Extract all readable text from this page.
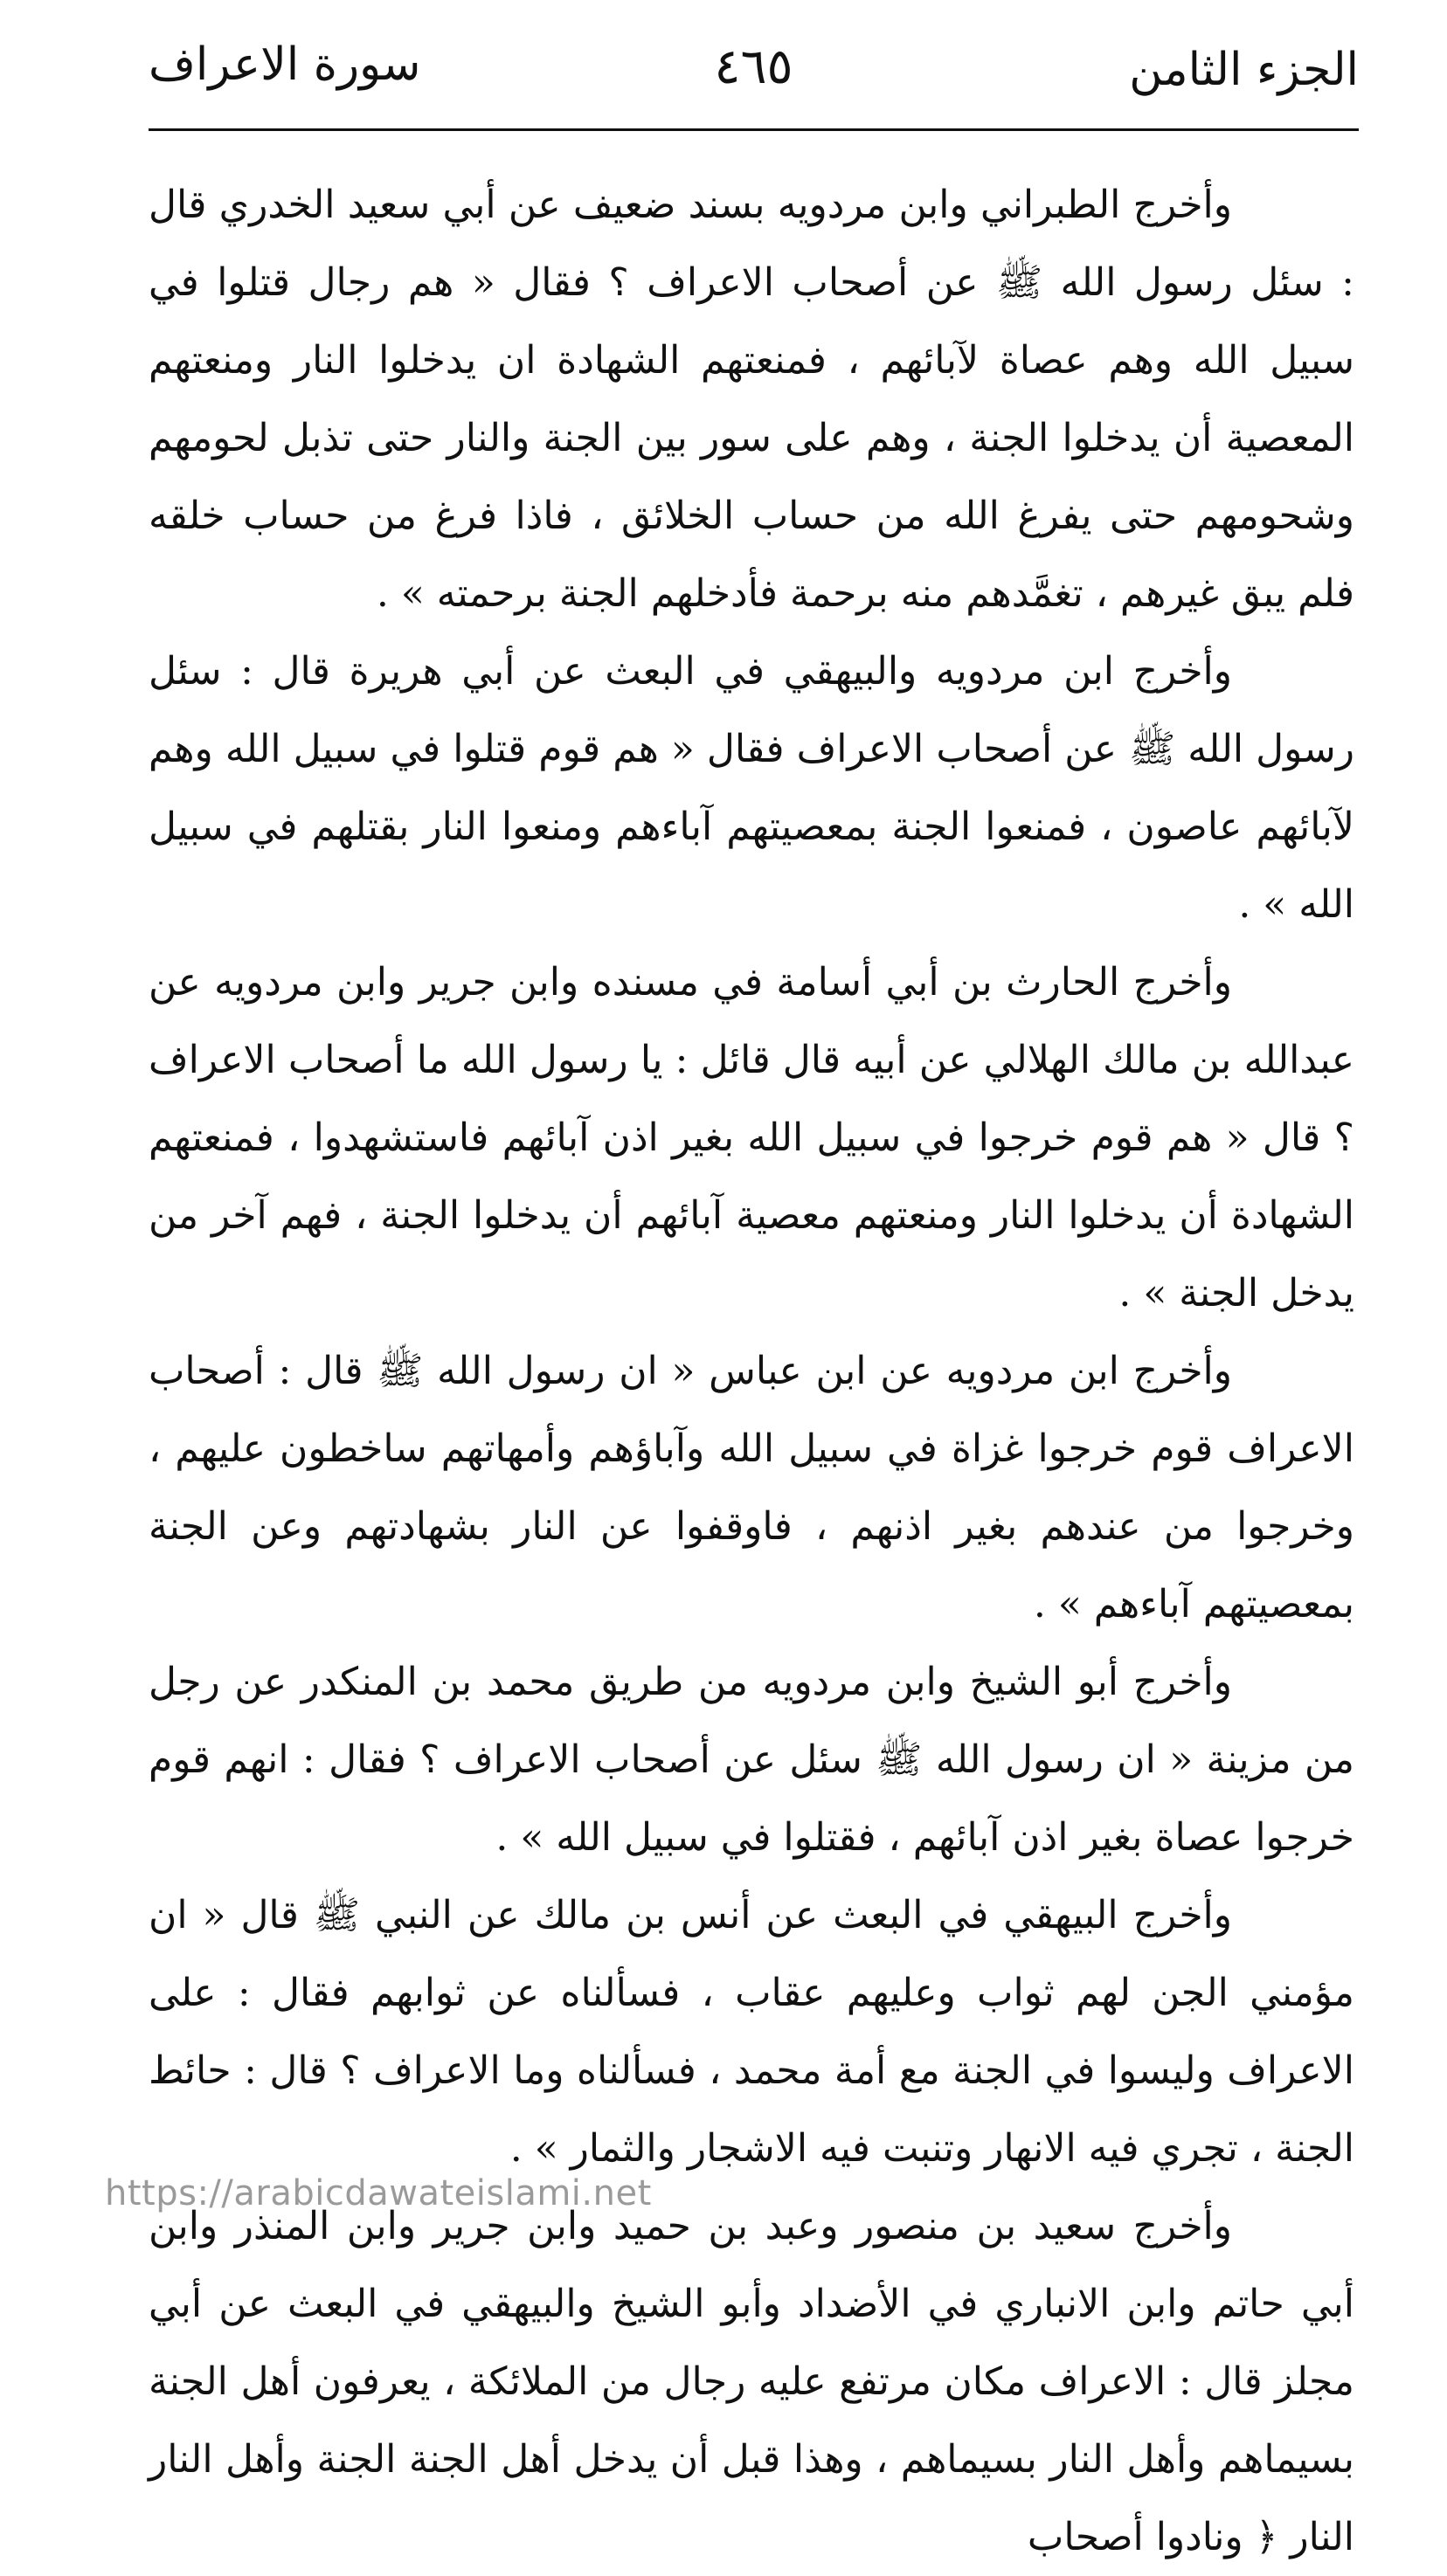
الجزء الثامن
٤٦٥
سورة الاعراف

وأخرج الطبراني وابن مردويه بسند ضعيف عن أبي سعيد الخدري قال : سئل رسول الله ﷺ عن أصحاب الاعراف ؟ فقال « هم رجال قتلوا في سبيل الله وهم عصاة لآبائهم ، فمنعتهم الشهادة ان يدخلوا النار ومنعتهم المعصية أن يدخلوا الجنة ، وهم على سور بين الجنة والنار حتى تذبل لحومهم وشحومهم حتى يفرغ الله من حساب الخلائق ، فاذا فرغ من حساب خلقه فلم يبق غيرهم ، تغمَّدهم منه برحمة فأدخلهم الجنة برحمته » .

وأخرج ابن مردويه والبيهقي في البعث عن أبي هريرة قال : سئل رسول الله ﷺ عن أصحاب الاعراف فقال « هم قوم قتلوا في سبيل الله وهم لآبائهم عاصون ، فمنعوا الجنة بمعصيتهم آباءهم ومنعوا النار بقتلهم في سبيل الله » .

وأخرج الحارث بن أبي أسامة في مسنده وابن جرير وابن مردويه عن عبدالله بن مالك الهلالي عن أبيه قال قائل : يا رسول الله ما أصحاب الاعراف ؟ قال « هم قوم خرجوا في سبيل الله بغير اذن آبائهم فاستشهدوا ، فمنعتهم الشهادة أن يدخلوا النار ومنعتهم معصية آبائهم أن يدخلوا الجنة ، فهم آخر من يدخل الجنة » .

وأخرج ابن مردويه عن ابن عباس « ان رسول الله ﷺ قال : أصحاب الاعراف قوم خرجوا غزاة في سبيل الله وآباؤهم وأمهاتهم ساخطون عليهم ، وخرجوا من عندهم بغير اذنهم ، فاوقفوا عن النار بشهادتهم وعن الجنة بمعصيتهم آباءهم » .

وأخرج أبو الشيخ وابن مردويه من طريق محمد بن المنكدر عن رجل من مزينة « ان رسول الله ﷺ سئل عن أصحاب الاعراف ؟ فقال : انهم قوم خرجوا عصاة بغير اذن آبائهم ، فقتلوا في سبيل الله » .

وأخرج البيهقي في البعث عن أنس بن مالك عن النبي ﷺ قال « ان مؤمني الجن لهم ثواب وعليهم عقاب ، فسألناه عن ثوابهم فقال : على الاعراف وليسوا في الجنة مع أمة محمد ، فسألناه وما الاعراف ؟ قال : حائط الجنة ، تجري فيه الانهار وتنبت فيه الاشجار والثمار » .

وأخرج سعيد بن منصور وعبد بن حميد وابن جرير وابن المنذر وابن أبي حاتم وابن الانباري في الأضداد وأبو الشيخ والبيهقي في البعث عن أبي مجلز قال : الاعراف مكان مرتفع عليه رجال من الملائكة ، يعرفون أهل الجنة بسيماهم وأهل النار بسيماهم ، وهذا قبل أن يدخل أهل الجنة الجنة وأهل النار النار ﴿ ونادوا أصحاب

https://arabicdawateislami.net
